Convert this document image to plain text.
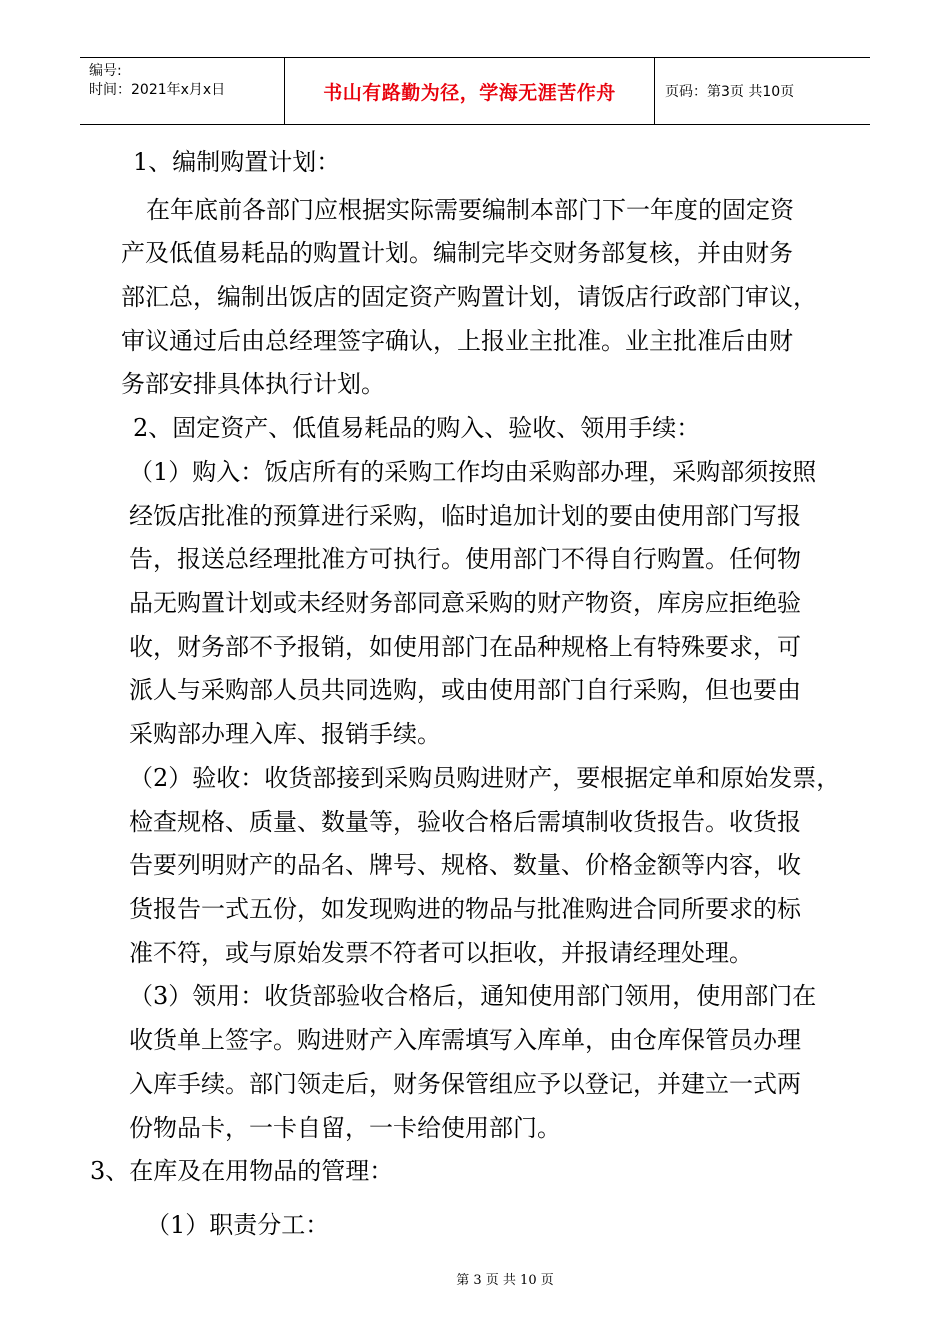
编号:
时间：2021年x月x日	书山有路勤为径，学海无涯苦作舟	页码：第3页 共10页
1、编制购置计划：
在年底前各部门应根据实际需要编制本部门下一年度的固定资
产及低值易耗品的购置计划。编制完毕交财务部复核，并由财务
部汇总，编制出饭店的固定资产购置计划，请饭店行政部门审议，
审议通过后由总经理签字确认，上报业主批准。业主批准后由财
务部安排具体执行计划。
2、固定资产、低值易耗品的购入、验收、领用手续：
（1）购入：饭店所有的采购工作均由采购部办理，采购部须按照
经饭店批准的预算进行采购，临时追加计划的要由使用部门写报
告，报送总经理批准方可执行。使用部门不得自行购置。任何物
品无购置计划或未经财务部同意采购的财产物资，库房应拒绝验
收，财务部不予报销，如使用部门在品种规格上有特殊要求，可
派人与采购部人员共同选购，或由使用部门自行采购，但也要由
采购部办理入库、报销手续。
（2）验收：收货部接到采购员购进财产，要根据定单和原始发票，
检查规格、质量、数量等，验收合格后需填制收货报告。收货报
告要列明财产的品名、牌号、规格、数量、价格金额等内容，收
货报告一式五份，如发现购进的物品与批准购进合同所要求的标
准不符，或与原始发票不符者可以拒收，并报请经理处理。
（3）领用：收货部验收合格后，通知使用部门领用，使用部门在
收货单上签字。购进财产入库需填写入库单，由仓库保管员办理
入库手续。部门领走后，财务保管组应予以登记，并建立一式两
份物品卡，一卡自留，一卡给使用部门。
3、在库及在用物品的管理：
（1）职责分工：
第 3 页 共 10 页
